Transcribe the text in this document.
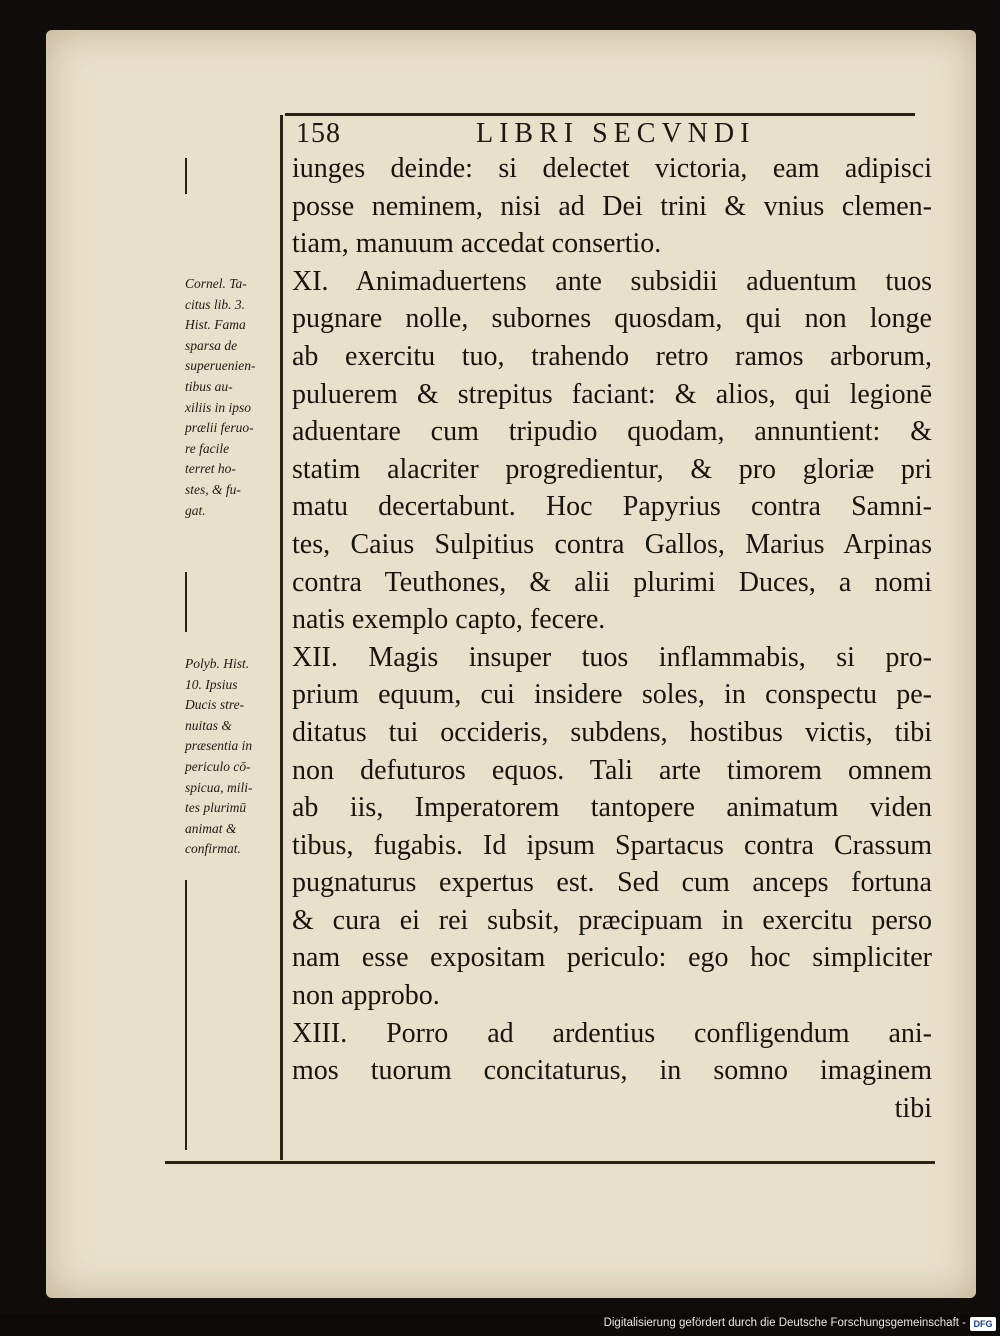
158	LIBRI SECVNDI
iunges deinde: si delectet victoria, eam adipisci
posse neminem, nisi ad Dei trini & vnius clemen-
tiam, manuum accedat consertio.
XI. Animaduertens ante subsidii aduentum tuos
pugnare nolle, subornes quosdam, qui non longe
ab exercitu tuo, trahendo retro ramos arborum,
puluerem & strepitus faciant: & alios, qui legionē
aduentare cum tripudio quodam, annuntient: &
statim alacriter progredientur, & pro gloriæ pri
matu decertabunt. Hoc Papyrius contra Samni-
tes, Caius Sulpitius contra Gallos, Marius Arpinas
contra Teuthones, & alii plurimi Duces, a nomi
natis exemplo capto, fecere.
XII. Magis insuper tuos inflammabis, si pro-
prium equum, cui insidere soles, in conspectu pe-
ditatus tui occideris, subdens, hostibus victis, tibi
non defuturos equos. Tali arte timorem omnem
ab iis, Imperatorem tantopere animatum viden
tibus, fugabis. Id ipsum Spartacus contra Crassum
pugnaturus expertus est. Sed cum anceps fortuna
& cura ei rei subsit, præcipuam in exercitu perso
nam esse expositam periculo: ego hoc simpliciter
non approbo.
XIII. Porro ad ardentius confligendum ani-
mos tuorum concitaturus, in somno imaginem
tibi
Cornel. Ta-
citus lib. 3.
Hist. Fama
sparsa de
superuenien-
tibus au-
xiliis in ipso
prælii feruo-
re facile
terret ho-
stes, & fu-
gat.
Polyb. Hist.
10. Ipsius
Ducis stre-
nuitas &
præsentia in
periculo cō-
spicua, mili-
tes plurimū
animat &
confirmat.
Digitalisierung gefördert durch die Deutsche Forschungsgemeinschaft - DFG
